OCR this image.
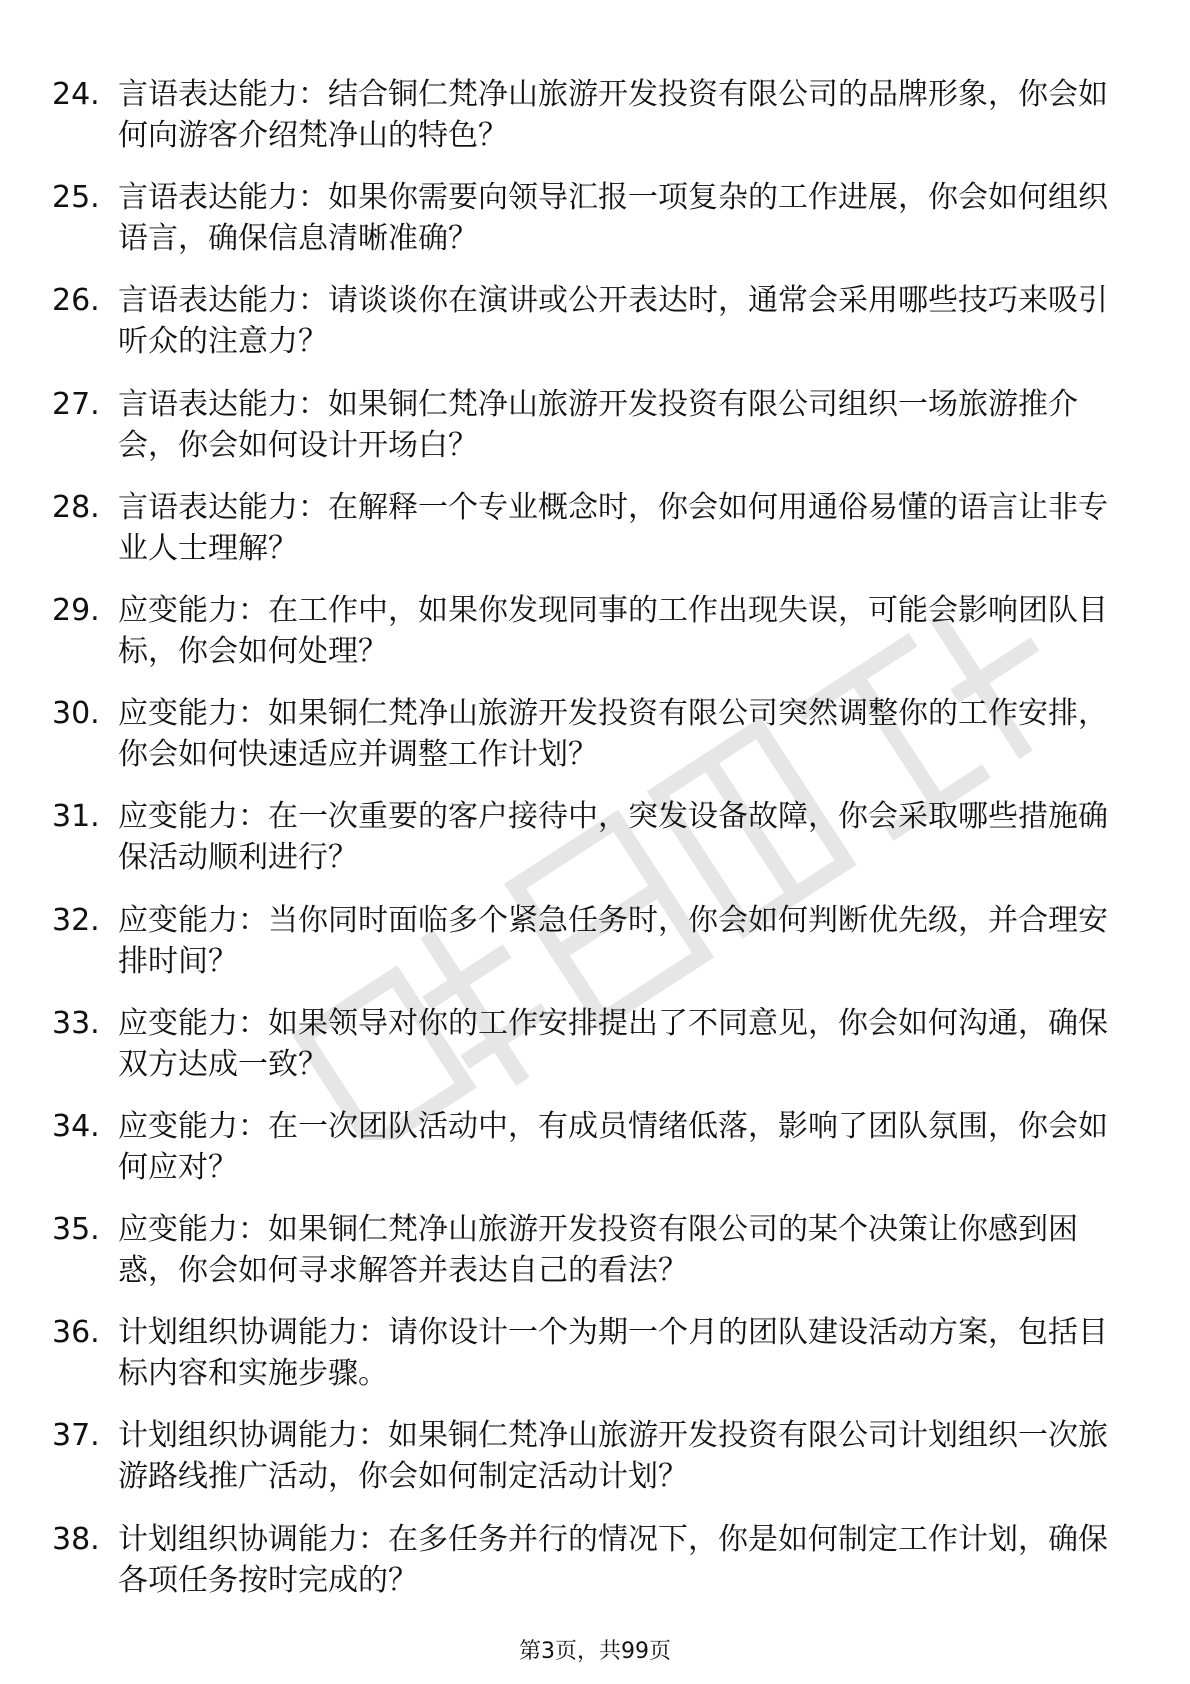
24. 言语表达能力：结合铜仁梵净山旅游开发投资有限公司的品牌形象，你会如何向游客介绍梵净山的特色？
25. 言语表达能力：如果你需要向领导汇报一项复杂的工作进展，你会如何组织语言，确保信息清晰准确？
26. 言语表达能力：请谈谈你在演讲或公开表达时，通常会采用哪些技巧来吸引听众的注意力？
27. 言语表达能力：如果铜仁梵净山旅游开发投资有限公司组织一场旅游推介会，你会如何设计开场白？
28. 言语表达能力：在解释一个专业概念时，你会如何用通俗易懂的语言让非专业人士理解？
29. 应变能力：在工作中，如果你发现同事的工作出现失误，可能会影响团队目标，你会如何处理？
30. 应变能力：如果铜仁梵净山旅游开发投资有限公司突然调整你的工作安排，你会如何快速适应并调整工作计划？
31. 应变能力：在一次重要的客户接待中，突发设备故障，你会采取哪些措施确保活动顺利进行？
32. 应变能力：当你同时面临多个紧急任务时，你会如何判断优先级，并合理安排时间？
33. 应变能力：如果领导对你的工作安排提出了不同意见，你会如何沟通，确保双方达成一致？
34. 应变能力：在一次团队活动中，有成员情绪低落，影响了团队氛围，你会如何应对？
35. 应变能力：如果铜仁梵净山旅游开发投资有限公司的某个决策让你感到困惑，你会如何寻求解答并表达自己的看法？
36. 计划组织协调能力：请你设计一个为期一个月的团队建设活动方案，包括目标内容和实施步骤。
37. 计划组织协调能力：如果铜仁梵净山旅游开发投资有限公司计划组织一次旅游路线推广活动，你会如何制定活动计划？
38. 计划组织协调能力：在多任务并行的情况下，你是如何制定工作计划，确保各项任务按时完成的？
第3页，共99页
